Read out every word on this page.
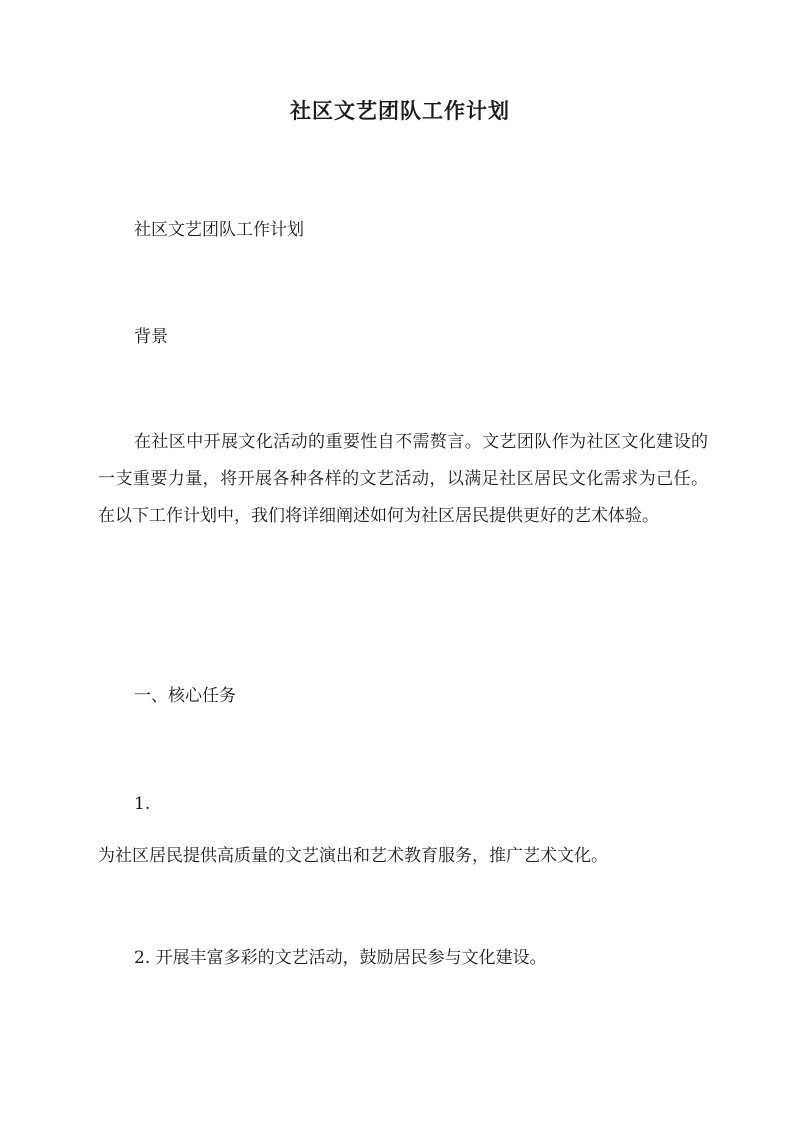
社区文艺团队工作计划
社区文艺团队工作计划
背景

在社区中开展文化活动的重要性自不需赘言。文艺团队作为社区文化建设的一支重要力量，将开展各种各样的文艺活动，以满足社区居民文化需求为己任。在以下工作计划中，我们将详细阐述如何为社区居民提供更好的艺术体验。

一、核心任务
1.
为社区居民提供高质量的文艺演出和艺术教育服务，推广艺术文化。
2. 开展丰富多彩的文艺活动，鼓励居民参与文化建设。
